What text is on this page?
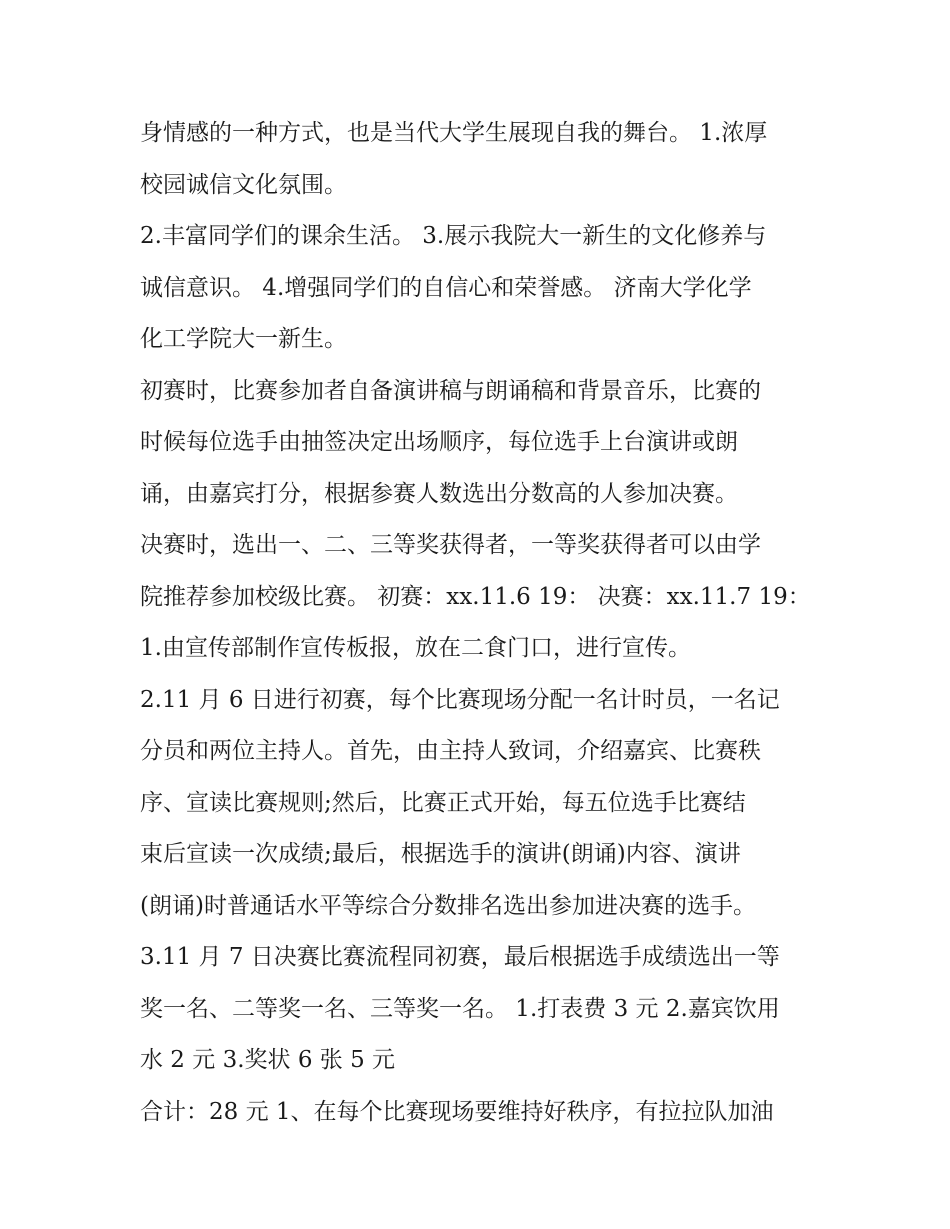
身情感的一种方式，也是当代大学生展现自我的舞台。 1.浓厚
校园诚信文化氛围。
2.丰富同学们的课余生活。 3.展示我院大一新生的文化修养与
诚信意识。 4.增强同学们的自信心和荣誉感。 济南大学化学
化工学院大一新生。
初赛时，比赛参加者自备演讲稿与朗诵稿和背景音乐，比赛的
时候每位选手由抽签决定出场顺序，每位选手上台演讲或朗
诵，由嘉宾打分，根据参赛人数选出分数高的人参加决赛。
决赛时，选出一、二、三等奖获得者，一等奖获得者可以由学
院推荐参加校级比赛。 初赛：xx.11.6 19： 决赛：xx.11.7 19：
1.由宣传部制作宣传板报，放在二食门口，进行宣传。
2.11 月 6 日进行初赛，每个比赛现场分配一名计时员，一名记
分员和两位主持人。首先，由主持人致词，介绍嘉宾、比赛秩
序、宣读比赛规则;然后，比赛正式开始，每五位选手比赛结
束后宣读一次成绩;最后，根据选手的演讲(朗诵)内容、演讲
(朗诵)时普通话水平等综合分数排名选出参加进决赛的选手。
3.11 月 7 日决赛比赛流程同初赛，最后根据选手成绩选出一等
奖一名、二等奖一名、三等奖一名。 1.打表费 3 元 2.嘉宾饮用
水 2 元 3.奖状 6 张 5 元
合计：28 元 1、在每个比赛现场要维持好秩序，有拉拉队加油
